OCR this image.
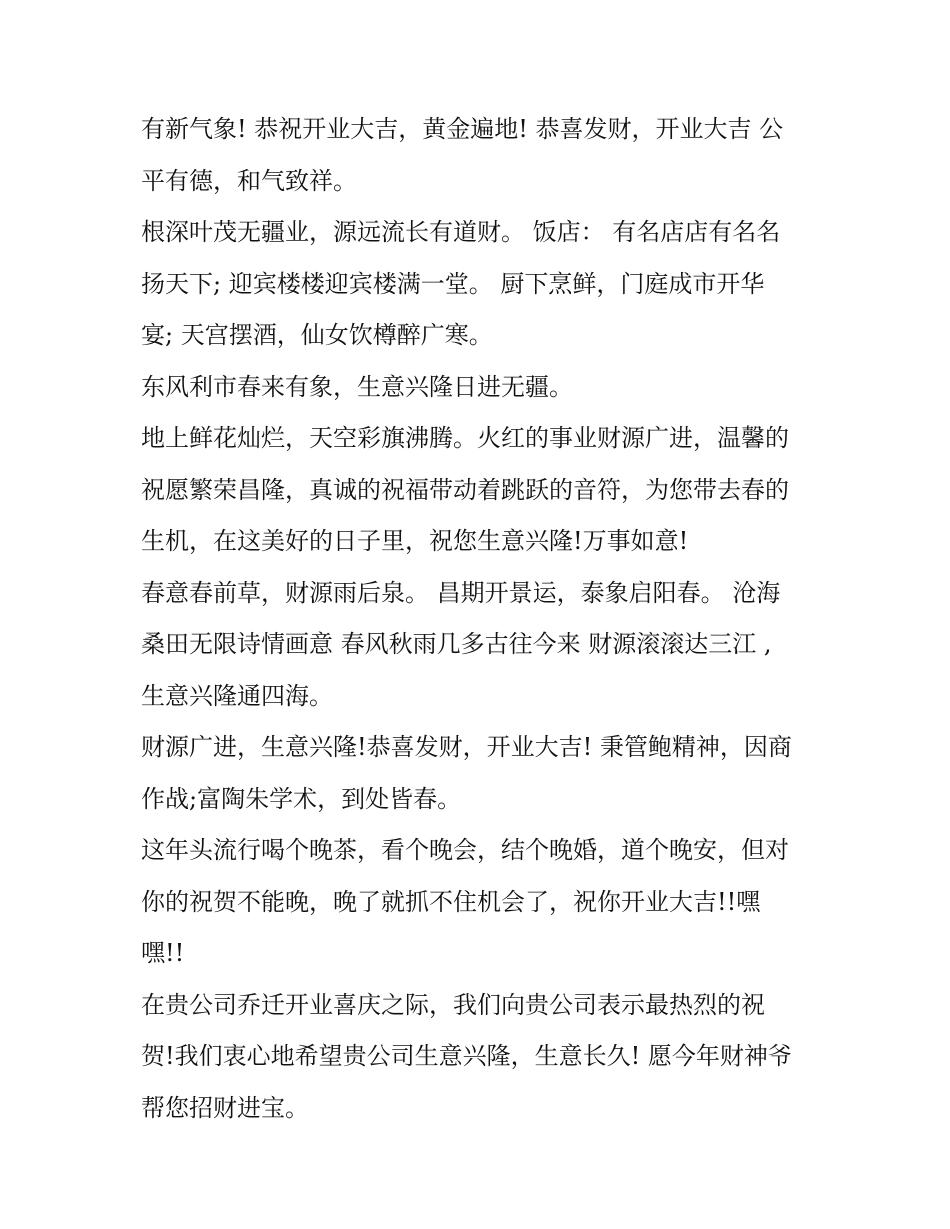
有新气象! 恭祝开业大吉，黄金遍地! 恭喜发财，开业大吉 公
平有德，和气致祥。

根深叶茂无疆业，源远流长有道财。 饭店： 有名店店有名名
扬天下; 迎宾楼楼迎宾楼满一堂。 厨下烹鲜，门庭成市开华
宴; 天宫摆酒，仙女饮樽醉广寒。

东风利市春来有象，生意兴隆日进无疆。

地上鲜花灿烂，天空彩旗沸腾。火红的事业财源广进，温馨的
祝愿繁荣昌隆，真诚的祝福带动着跳跃的音符，为您带去春的
生机，在这美好的日子里，祝您生意兴隆!万事如意!

春意春前草，财源雨后泉。 昌期开景运，泰象启阳春。 沧海
桑田无限诗情画意 春风秋雨几多古往今来 财源滚滚达三江 ,
生意兴隆通四海。

财源广进，生意兴隆!恭喜发财，开业大吉! 秉管鲍精神，因商
作战;富陶朱学术，到处皆春。

这年头流行喝个晚茶，看个晚会，结个晚婚，道个晚安，但对
你的祝贺不能晚，晚了就抓不住机会了，祝你开业大吉!!嘿
嘿!!

在贵公司乔迁开业喜庆之际，我们向贵公司表示最热烈的祝
贺!我们衷心地希望贵公司生意兴隆，生意长久! 愿今年财神爷
帮您招财进宝。
